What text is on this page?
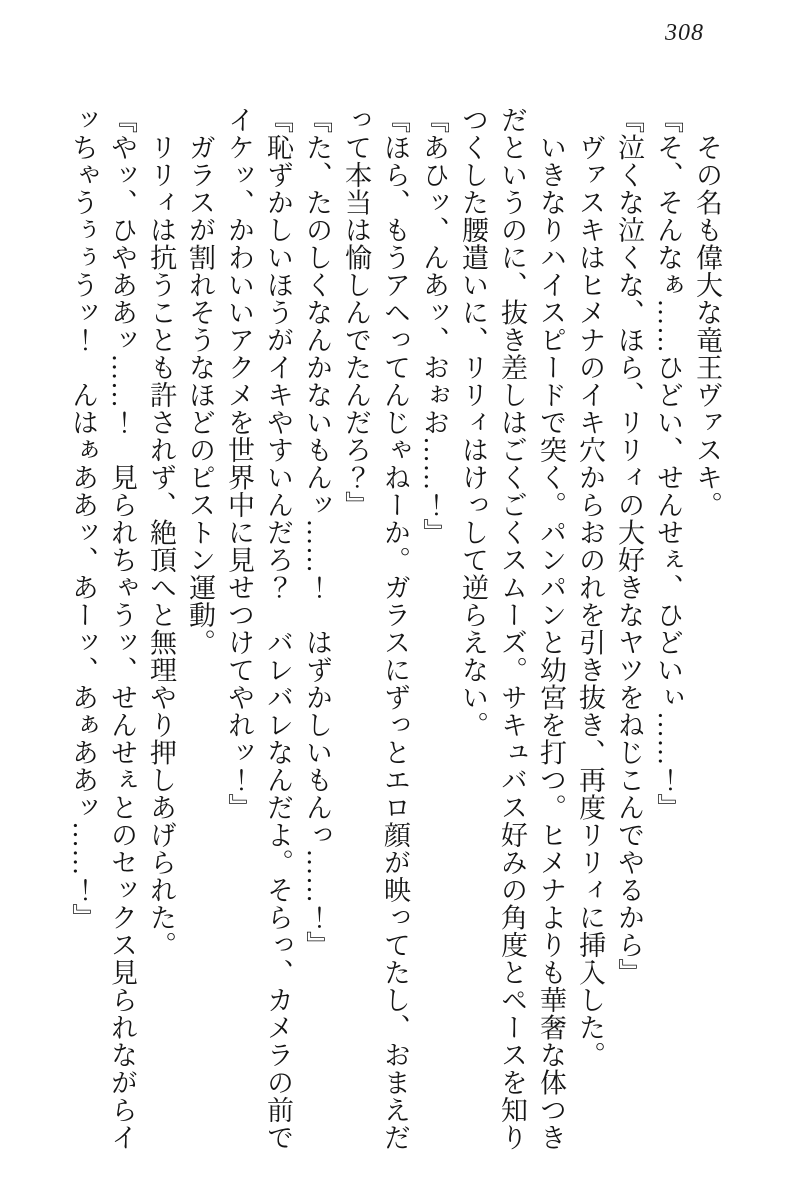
308

　その名も偉大な竜王ヴァスキ。

『そ、そんなぁ……ひどい、せんせぇ、ひどいぃ……！』

『泣くな泣くな、ほら、リリィの大好きなヤツをねじこんでやるから』

　ヴァスキはヒメナのイキ穴からおのれを引き抜き、再度リリィに挿入した。

　いきなりハイスピードで突く。パンパンと幼宮を打つ。ヒメナよりも華奢な体つきだというのに、抜き差しはごくごくスムーズ。サキュバス好みの角度とペースを知りつくした腰遣いに、リリィはけっして逆らえない。

『あひッ、んあッ、おぉお……！』

『ほら、もうアヘってんじゃねーか。ガラスにずっとエロ顔が映ってたし、おまえだって本当は愉しんでたんだろ？』

『た、たのしくなんかないもんッ……！　はずかしいもんっ……！』

『恥ずかしいほうがイキやすいんだろ？　バレバレなんだよ。そらっ、カメラの前でイケッ、かわいいアクメを世界中に見せつけてやれッ！』

　ガラスが割れそうなほどのピストン運動。

　リリィは抗うことも許されず、絶頂へと無理やり押しあげられた。

『やッ、ひやああッ……！　見られちゃうッ、せんせぇとのセックス見られながらイッちゃうぅぅうッ！　んはぁああッ、あーッ、あぁああッ……！』
